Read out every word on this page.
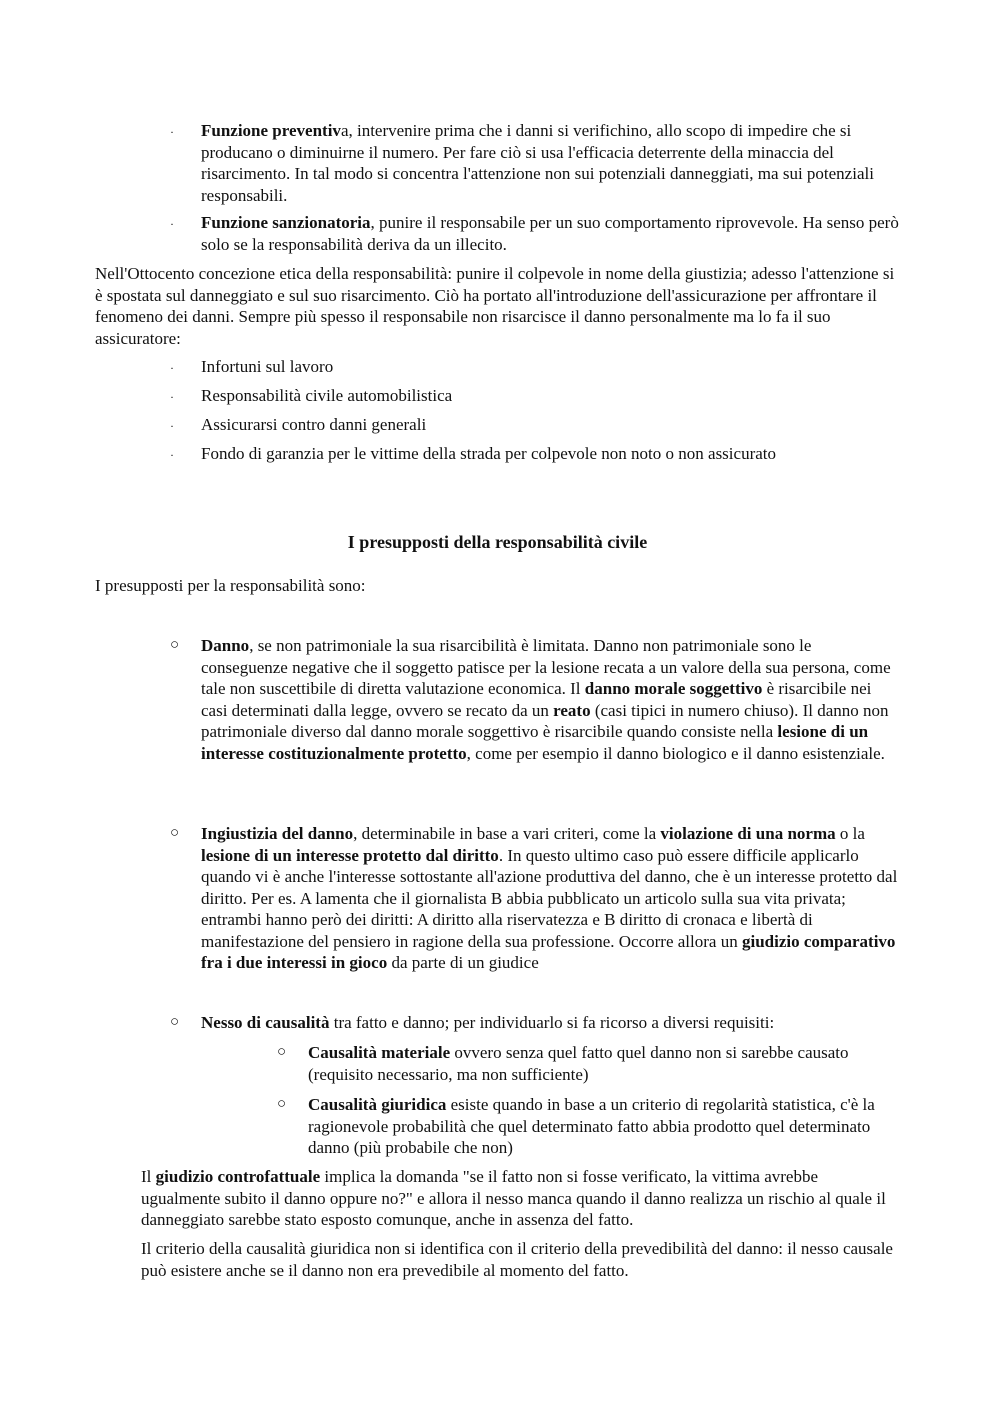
· Funzione preventiva, intervenire prima che i danni si verifichino, allo scopo di impedire che si producano o diminuirne il numero. Per fare ciò si usa l'efficacia deterrente della minaccia del risarcimento. In tal modo si concentra l'attenzione non sui potenziali danneggiati, ma sui potenziali responsabili.

· Funzione sanzionatoria, punire il responsabile per un suo comportamento riprovevole. Ha senso però solo se la responsabilità deriva da un illecito.

Nell'Ottocento concezione etica della responsabilità: punire il colpevole in nome della giustizia; adesso l'attenzione si è spostata sul danneggiato e sul suo risarcimento. Ciò ha portato all'introduzione dell'assicurazione per affrontare il fenomeno dei danni. Sempre più spesso il responsabile non risarcisce il danno personalmente ma lo fa il suo assicuratore:

· Infortuni sul lavoro

· Responsabilità civile automobilistica

· Assicurarsi contro danni generali

· Fondo di garanzia per le vittime della strada per colpevole non noto o non assicurato

I presupposti della responsabilità civile

I presupposti per la responsabilità sono:

○ Danno, se non patrimoniale la sua risarcibilità è limitata. Danno non patrimoniale sono le conseguenze negative che il soggetto patisce per la lesione recata a un valore della sua persona, come tale non suscettibile di diretta valutazione economica. Il danno morale soggettivo è risarcibile nei casi determinati dalla legge, ovvero se recato da un reato (casi tipici in numero chiuso). Il danno non patrimoniale diverso dal danno morale soggettivo è risarcibile quando consiste nella lesione di un interesse costituzionalmente protetto, come per esempio il danno biologico e il danno esistenziale.

○ Ingiustizia del danno, determinabile in base a vari criteri, come la violazione di una norma o la lesione di un interesse protetto dal diritto. In questo ultimo caso può essere difficile applicarlo quando vi è anche l'interesse sottostante all'azione produttiva del danno, che è un interesse protetto dal diritto. Per es. A lamenta che il giornalista B abbia pubblicato un articolo sulla sua vita privata; entrambi hanno però dei diritti: A diritto alla riservatezza e B diritto di cronaca e libertà di manifestazione del pensiero in ragione della sua professione. Occorre allora un giudizio comparativo fra i due interessi in gioco da parte di un giudice

○ Nesso di causalità tra fatto e danno; per individuarlo si fa ricorso a diversi requisiti:

○ Causalità materiale ovvero senza quel fatto quel danno non si sarebbe causato (requisito necessario, ma non sufficiente)

○ Causalità giuridica esiste quando in base a un criterio di regolarità statistica, c'è la ragionevole probabilità che quel determinato fatto abbia prodotto quel determinato danno (più probabile che non)

Il giudizio controfattuale implica la domanda "se il fatto non si fosse verificato, la vittima avrebbe ugualmente subito il danno oppure no?" e allora il nesso manca quando il danno realizza un rischio al quale il danneggiato sarebbe stato esposto comunque, anche in assenza del fatto.

Il criterio della causalità giuridica non si identifica con il criterio della prevedibilità del danno: il nesso causale può esistere anche se il danno non era prevedibile al momento del fatto.
